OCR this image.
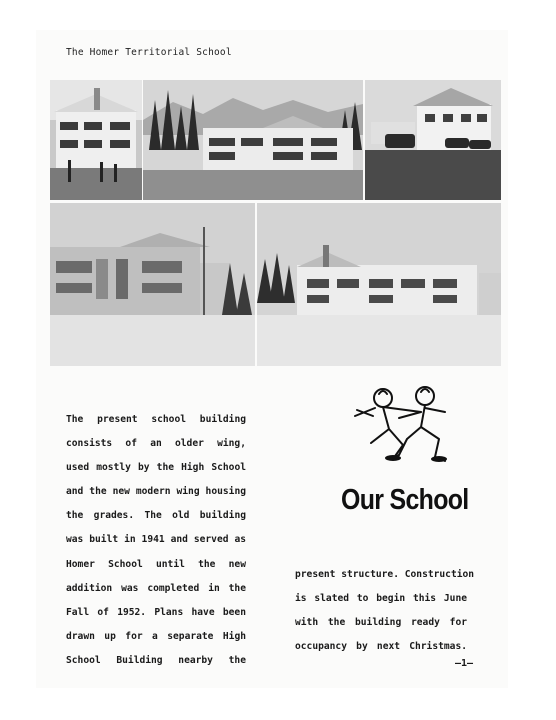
The Homer Territorial School
The present school building
consists of an older wing,
used mostly by the High School
and the new modern wing housing
the grades. The old building
was built in 1941 and served as
Homer School until the new
addition was completed in the
Fall of 1952. Plans have been
drawn up for a separate High
School Building nearby the
Our School
present structure. Construction
is slated to begin this June
with the building ready for
occupancy by next Christmas.
—1—
